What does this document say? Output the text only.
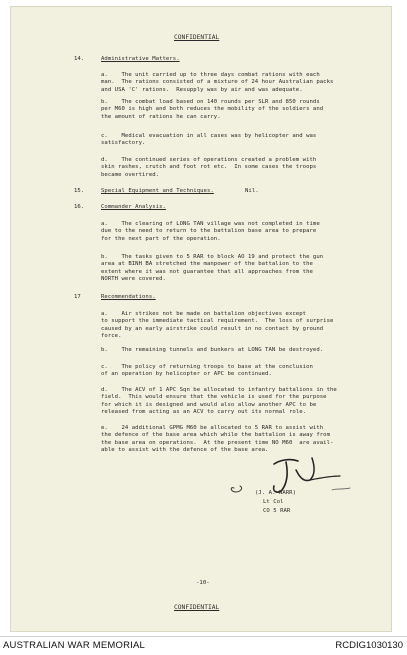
CONFIDENTIAL
14.	Administrative Matters.
a.    The unit carried up to three days combat rations with each
man.  The rations consisted of a mixture of 24 hour Australian packs
and USA 'C' rations.  Resupply was by air and was adequate.
b.    The combat load based on 140 rounds per SLR and 850 rounds
per M60 is high and both reduces the mobility of the soldiers and
the amount of rations he can carry.
c.    Medical evacuation in all cases was by helicopter and was
satisfactory.
d.    The continued series of operations created a problem with
skin rashes, crutch and foot rot etc.  In some cases the troops
became overtired.
15.	Special Equipment and Techniques.	Nil.
16.	Commander Analysis.
a.    The clearing of LONG TAN village was not completed in time
due to the need to return to the battalion base area to prepare
for the next part of the operation.
b.    The tasks given to 5 RAR to block AO 19 and protect the gun
area at BINH BA stretched the manpower of the battalion to the
extent where it was not guarantee that all approaches from the
NORTH were covered.
17	Recommendations.
a.    Air strikes not be made on battalion objectives except
to support the immediate tactical requirement.  The loss of surprise
caused by an early airstrike could result in no contact by ground
force.
b.    The remaining tunnels and bunkers at LONG TAN be destroyed.
c.    The policy of returning troops to base at the conclusion
of an operation by helicopter or APC be continued.
d.    The ACV of 1 APC Sqn be allocated to infantry battalions in the
field.  This would ensure that the vehicle is used for the purpose
for which it is designed and would also allow another APC to be
released from acting as an ACV to carry out its normal role.
e.    24 additional GPMG M60 be allocated to 5 RAR to assist with
the defence of the base area which while the battalion is away from
the base area on operations.  At the present time NO M60  are avail-
able to assist with the defence of the base area.
(J. A. WARR)
Lt Col
CO 5 RAR
-10-
CONFIDENTIAL
AUSTRALIAN WAR MEMORIAL	RCDIG1030130
